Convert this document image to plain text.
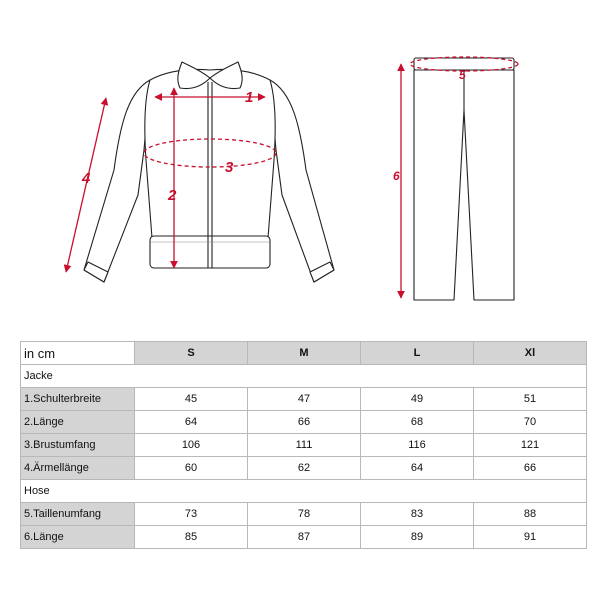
1
2
3
4
5
6
in cm	S	M	L	Xl
Jacke				
1.Schulterbreite	45	47	49	51
2.Länge	64	66	68	70
3.Brustumfang	106	111	116	121
4.Ärmellänge	60	62	64	66
Hose				
5.Taillenumfang	73	78	83	88
6.Länge	85	87	89	91
